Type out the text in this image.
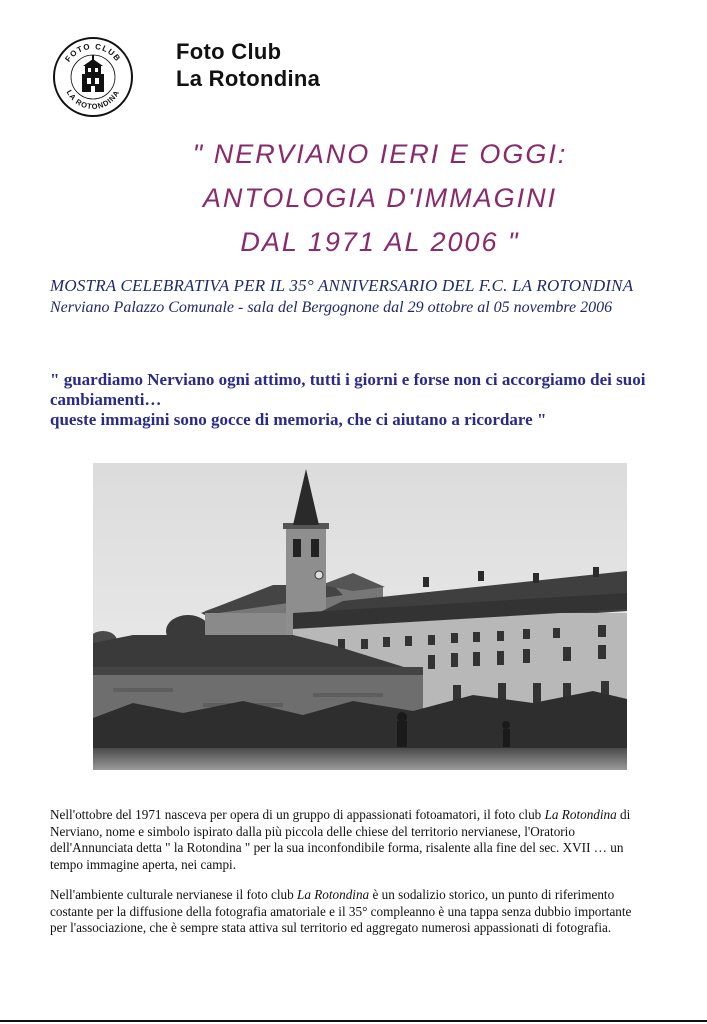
FOTO CLUB
LA ROTONDINA
Foto Club
La Rotondina
" NERVIANO IERI E OGGI:
ANTOLOGIA D'IMMAGINI
DAL 1971 AL 2006 "
MOSTRA CELEBRATIVA PER IL 35° ANNIVERSARIO DEL F.C. LA ROTONDINA
Nerviano Palazzo Comunale - sala del Bergognone dal 29 ottobre al 05 novembre 2006
" guardiamo Nerviano ogni attimo, tutti i giorni e forse non ci accorgiamo dei suoi cambiamenti…
queste immagini sono gocce di memoria, che ci aiutano a ricordare "

Nell'ottobre del 1971 nasceva per opera di un gruppo di appassionati fotoamatori, il foto club La Rotondina di Nerviano, nome e simbolo ispirato dalla più piccola delle chiese del territorio nervianese, l'Oratorio dell'Annunciata detta " la Rotondina " per la sua inconfondibile forma, risalente alla fine del sec. XVII … un tempo immagine aperta, nei campi.

Nell'ambiente culturale nervianese il foto club La Rotondina è un sodalizio storico, un punto di riferimento costante per la diffusione della fotografia amatoriale e il 35° compleanno è una tappa senza dubbio importante per l'associazione, che è sempre stata attiva sul territorio ed aggregato numerosi appassionati di fotografia.
